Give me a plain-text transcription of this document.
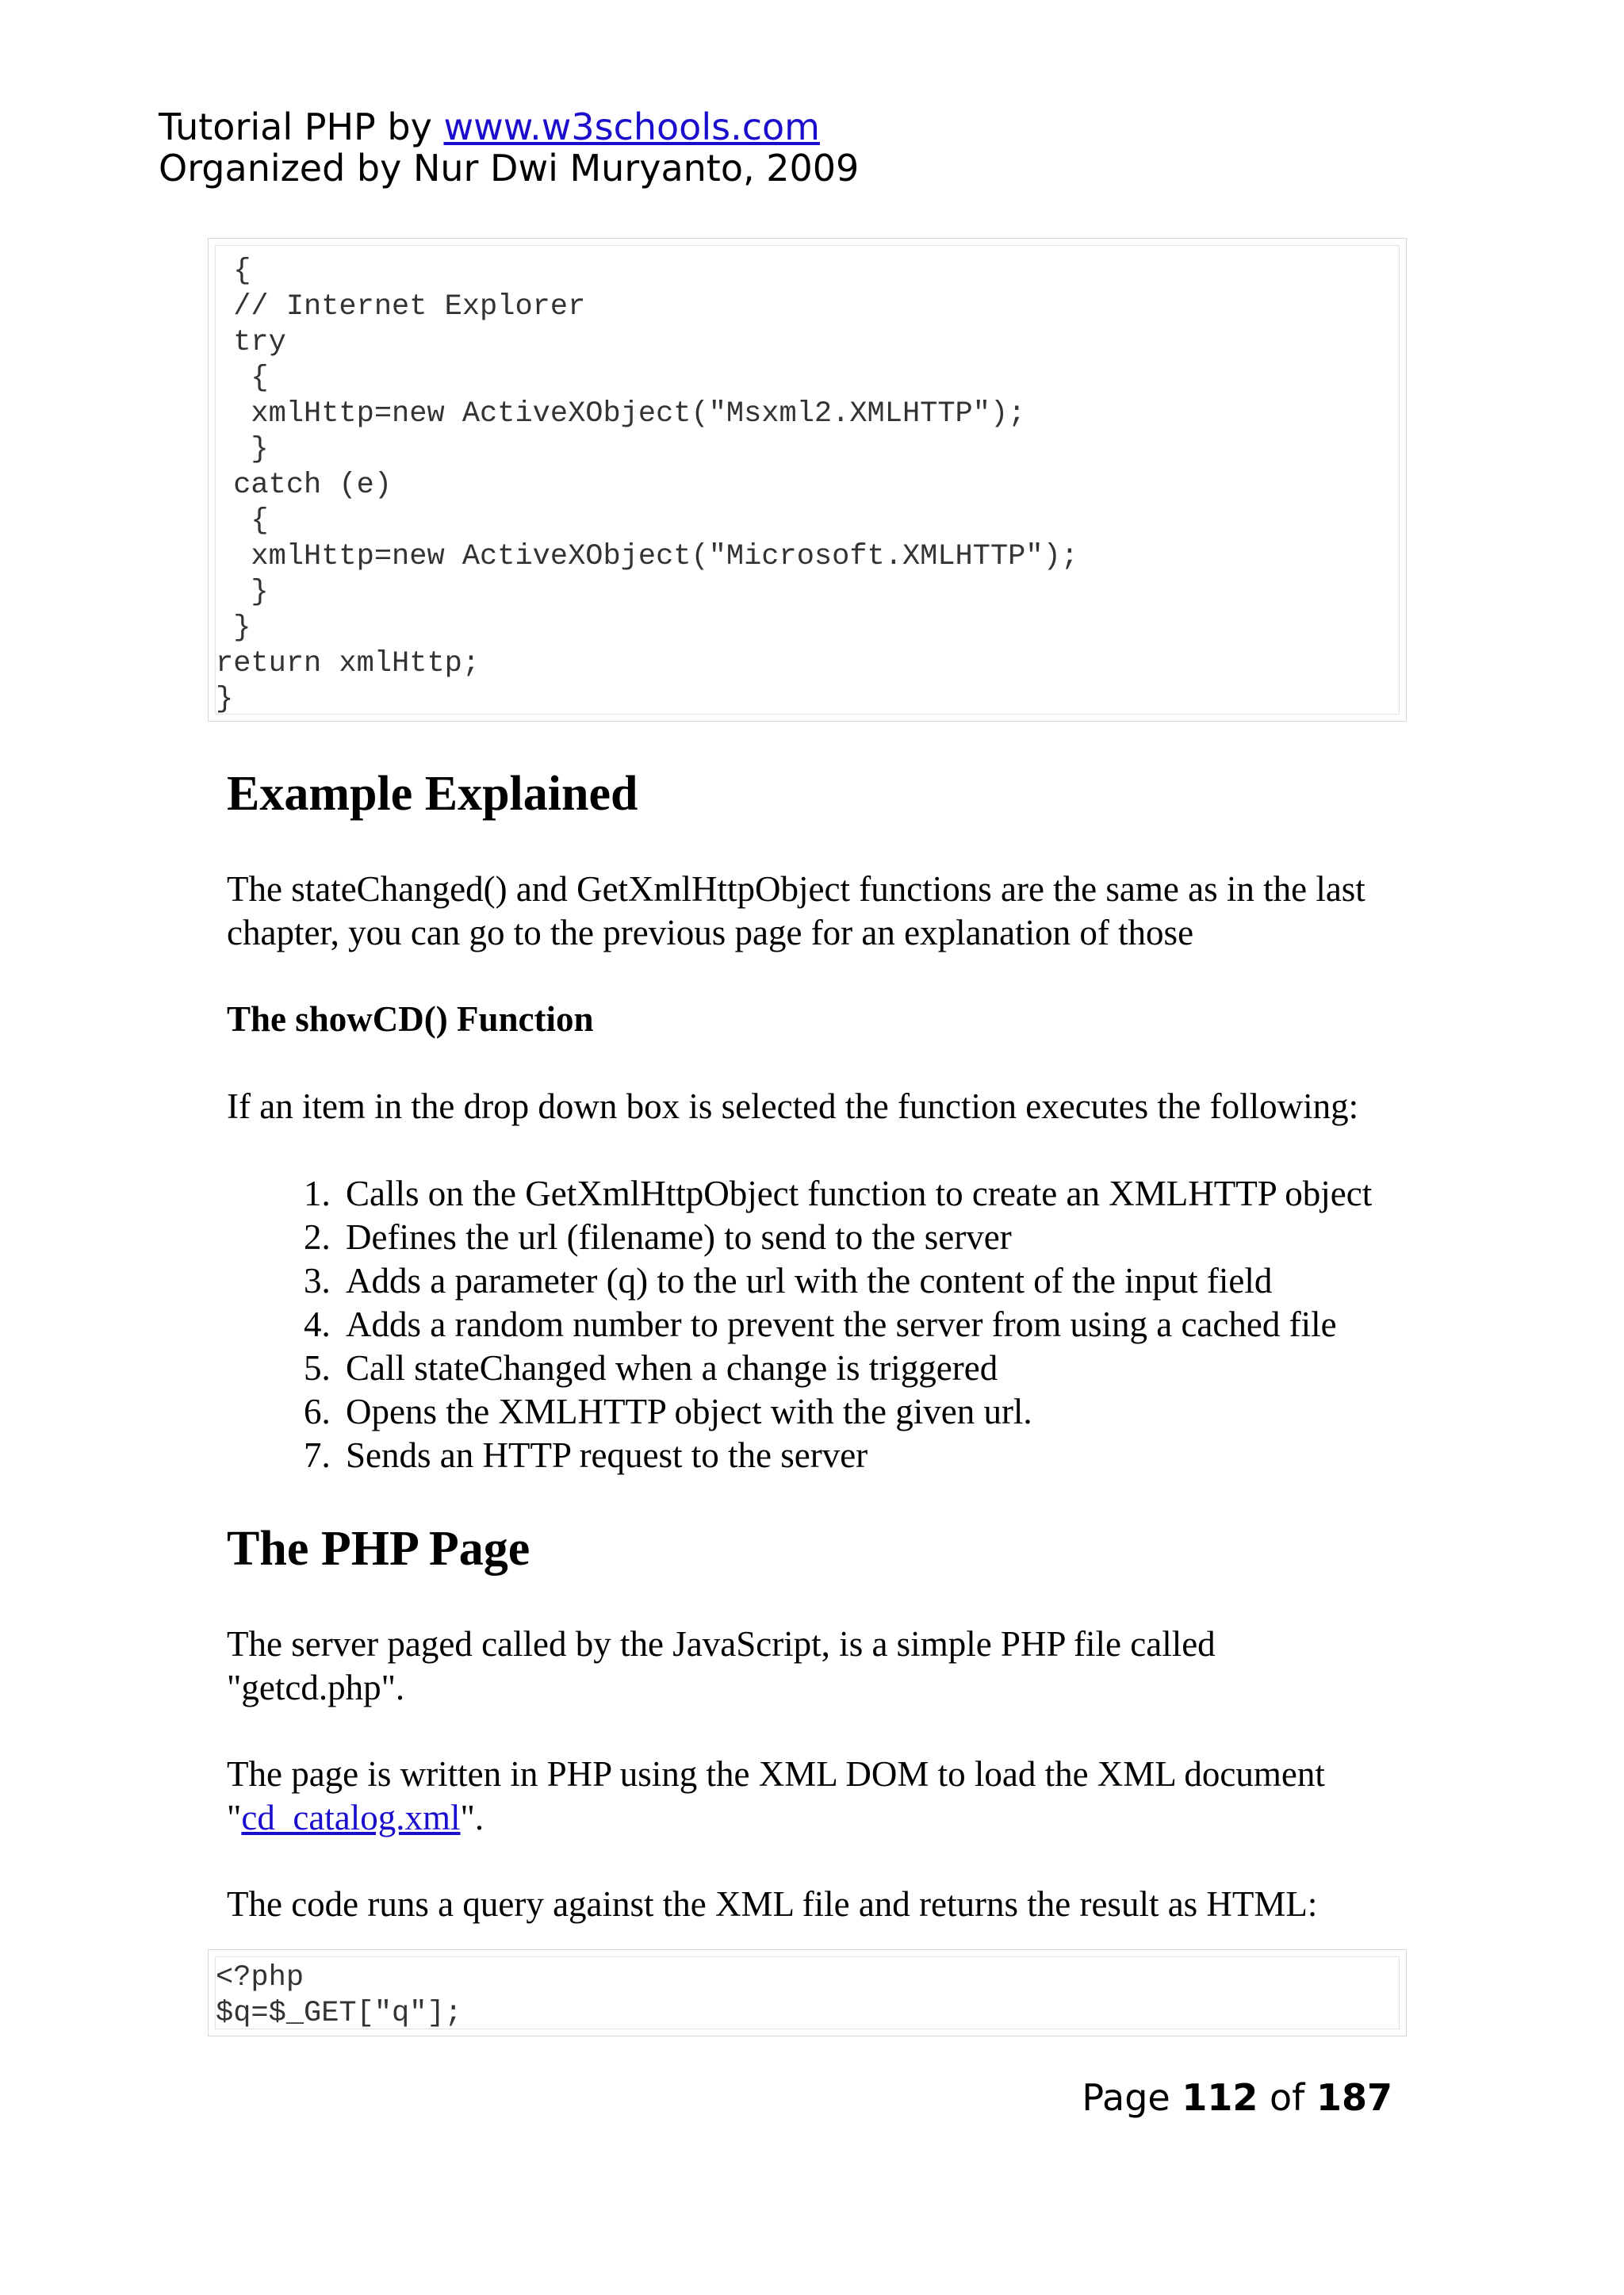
Tutorial PHP by www.w3schools.com
Organized by Nur Dwi Muryanto, 2009
{
// Internet Explorer
try
{
xmlHttp=new ActiveXObject("Msxml2.XMLHTTP");
}
catch (e)
{
xmlHttp=new ActiveXObject("Microsoft.XMLHTTP");
}
}
return xmlHttp;
}
Example Explained

The stateChanged() and GetXmlHttpObject functions are the same as in the last chapter, you can go to the previous page for an explanation of those

The showCD() Function

If an item in the drop down box is selected the function executes the following:

1. Calls on the GetXmlHttpObject function to create an XMLHTTP object
2. Defines the url (filename) to send to the server
3. Adds a parameter (q) to the url with the content of the input field
4. Adds a random number to prevent the server from using a cached file
5. Call stateChanged when a change is triggered
6. Opens the XMLHTTP object with the given url.
7. Sends an HTTP request to the server
The PHP Page

The server paged called by the JavaScript, is a simple PHP file called "getcd.php".

The page is written in PHP using the XML DOM to load the XML document "cd_catalog.xml".

The code runs a query against the XML file and returns the result as HTML:

<?php
$q=$_GET["q"];
Page 112 of 187
